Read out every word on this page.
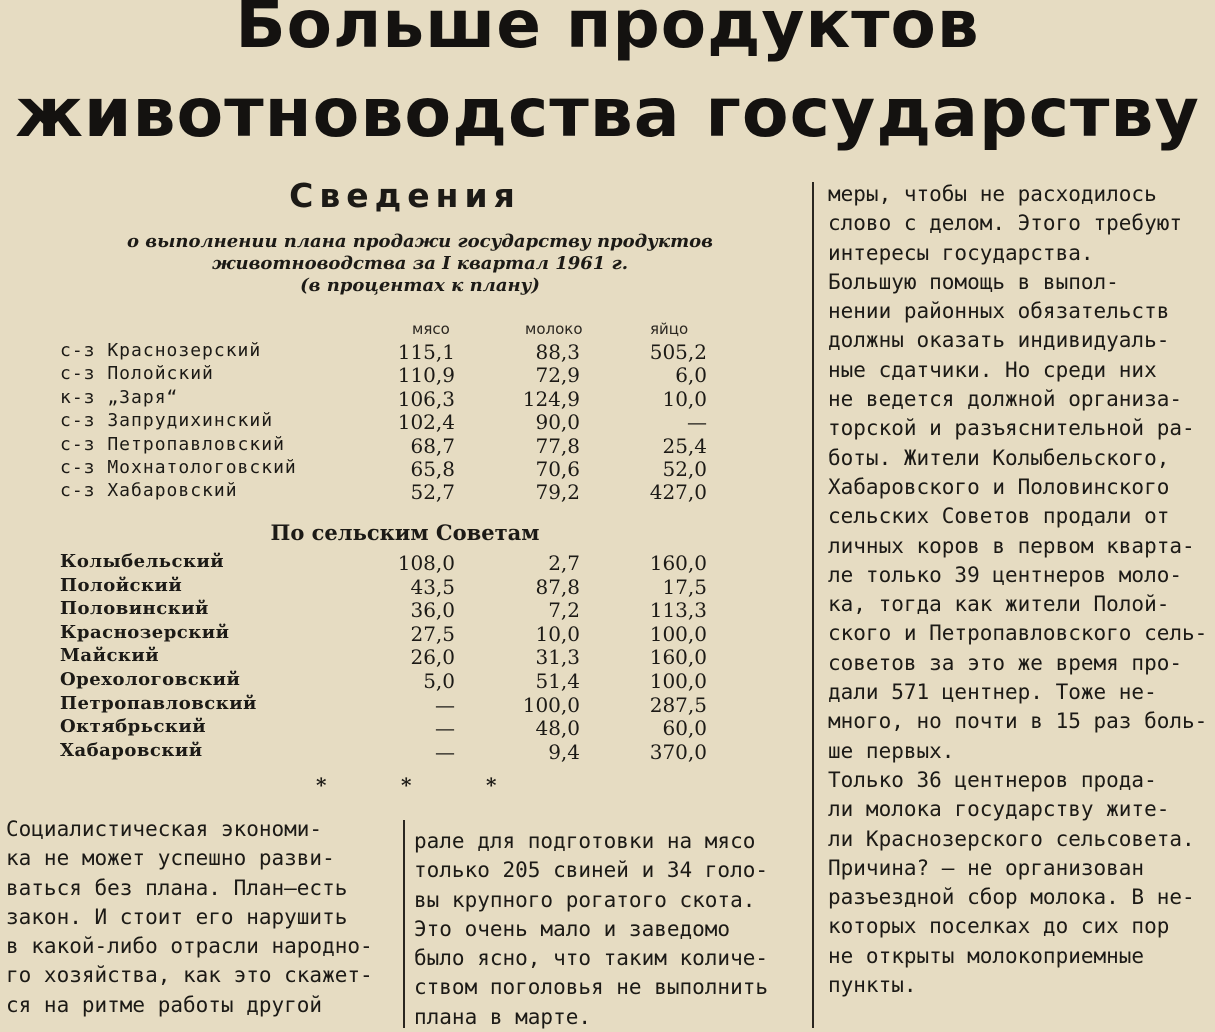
Больше продуктов
животноводства государству
Сведения
о выполнении плана продажи государству продуктов
животноводства за I квартал 1961 г.
(в процентах к плану)
мясо	молоко	яйцо
с-з Краснозерский	115,1	88,3	505,2
с-з Полойский	110,9	72,9	6,0
к-з „Заря“	106,3	124,9	10,0
с-з Запрудихинский	102,4	90,0	—
с-з Петропавловский	68,7	77,8	25,4
с-з Мохнатологовский	65,8	70,6	52,0
с-з Хабаровский	52,7	79,2	427,0
По сельским Советам
Колыбельский	108,0	2,7	160,0
Полойский	43,5	87,8	17,5
Половинский	36,0	7,2	113,3
Краснозерский	27,5	10,0	100,0
Майский	26,0	31,3	160,0
Орехологовский	5,0	51,4	100,0
Петропавловский	—	100,0	287,5
Октябрьский	—	48,0	60,0
Хабаровский	—	9,4	370,0
*	*	*
Социалистическая экономи-
ка не может успешно разви-
ваться без плана. План—есть
закон. И стоит его нарушить
в какой-либо отрасли народно-
го хозяйства, как это скажет-
ся на ритме работы другой
рале для подготовки на мясо
только 205 свиней и 34 голо-
вы крупного рогатого скота.
Это очень мало и заведомо
было ясно, что таким количе-
ством поголовья не выполнить
плана в марте.
меры, чтобы не расходилось
слово с делом. Этого требуют
интересы государства.
Большую помощь в выпол-
нении районных обязательств
должны оказать индивидуаль-
ные сдатчики. Но среди них
не ведется должной организа-
торской и разъяснительной ра-
боты. Жители Колыбельского,
Хабаровского и Половинского
сельских Советов продали от
личных коров в первом кварта-
ле только 39 центнеров моло-
ка, тогда как жители Полой-
ского и Петропавловского сель-
советов за это же время про-
дали 571 центнер. Тоже не-
много, но почти в 15 раз боль-
ше первых.
Только 36 центнеров прода-
ли молока государству жите-
ли Краснозерского сельсовета.
Причина? — не организован
разъездной сбор молока. В не-
которых поселках до сих пор
не открыты молокоприемные
пункты.
